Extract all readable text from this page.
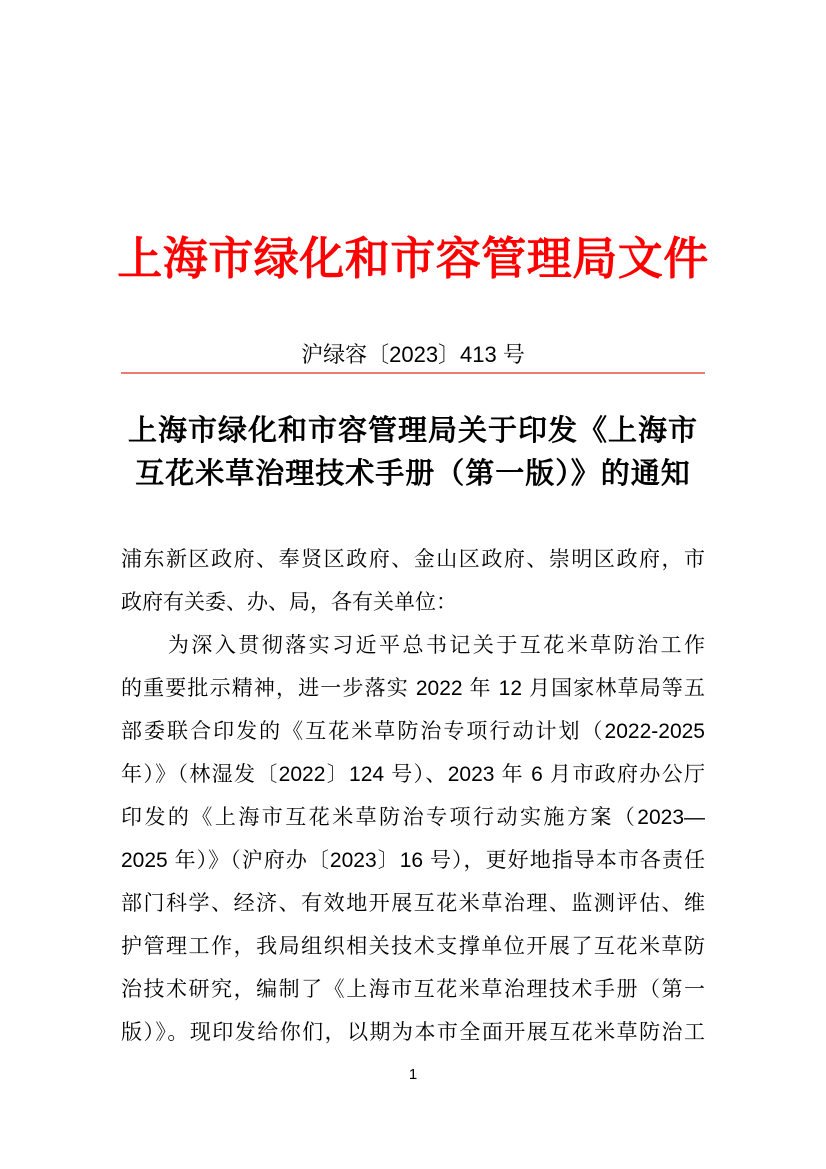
上海市绿化和市容管理局文件
沪绿容〔2023〕413 号
上海市绿化和市容管理局关于印发《上海市
互花米草治理技术手册（第一版）》的通知
浦东新区政府、奉贤区政府、金山区政府、崇明区政府，市
政府有关委、办、局，各有关单位：
　　为深入贯彻落实习近平总书记关于互花米草防治工作
的重要批示精神，进一步落实 2022 年 12 月国家林草局等五
部委联合印发的《互花米草防治专项行动计划（2022-2025
年）》（林湿发〔2022〕124 号）、2023 年 6 月市政府办公厅
印发的《上海市互花米草防治专项行动实施方案（2023—
2025 年）》（沪府办〔2023〕16 号），更好地指导本市各责任
部门科学、经济、有效地开展互花米草治理、监测评估、维
护管理工作，我局组织相关技术支撑单位开展了互花米草防
治技术研究，编制了《上海市互花米草治理技术手册（第一
版）》。现印发给你们，以期为本市全面开展互花米草防治工
1
